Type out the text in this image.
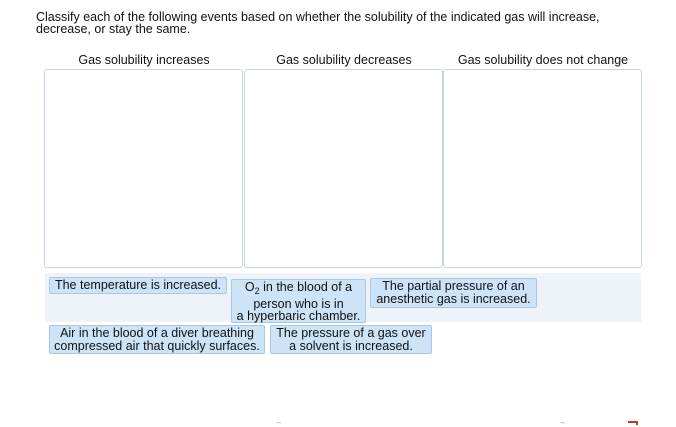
Classify each of the following events based on whether the solubility of the indicated gas will increase,
decrease, or stay the same.
Gas solubility increases	Gas solubility decreases	Gas solubility does not change
The temperature is increased.	$O_2$ in the blood of a
person who is in
a hyperbaric chamber.
The partial pressure of an
anesthetic gas is increased.
Air in the blood of a diver breathing
compressed air that quickly surfaces.
The pressure of a gas over
a solvent is increased.
